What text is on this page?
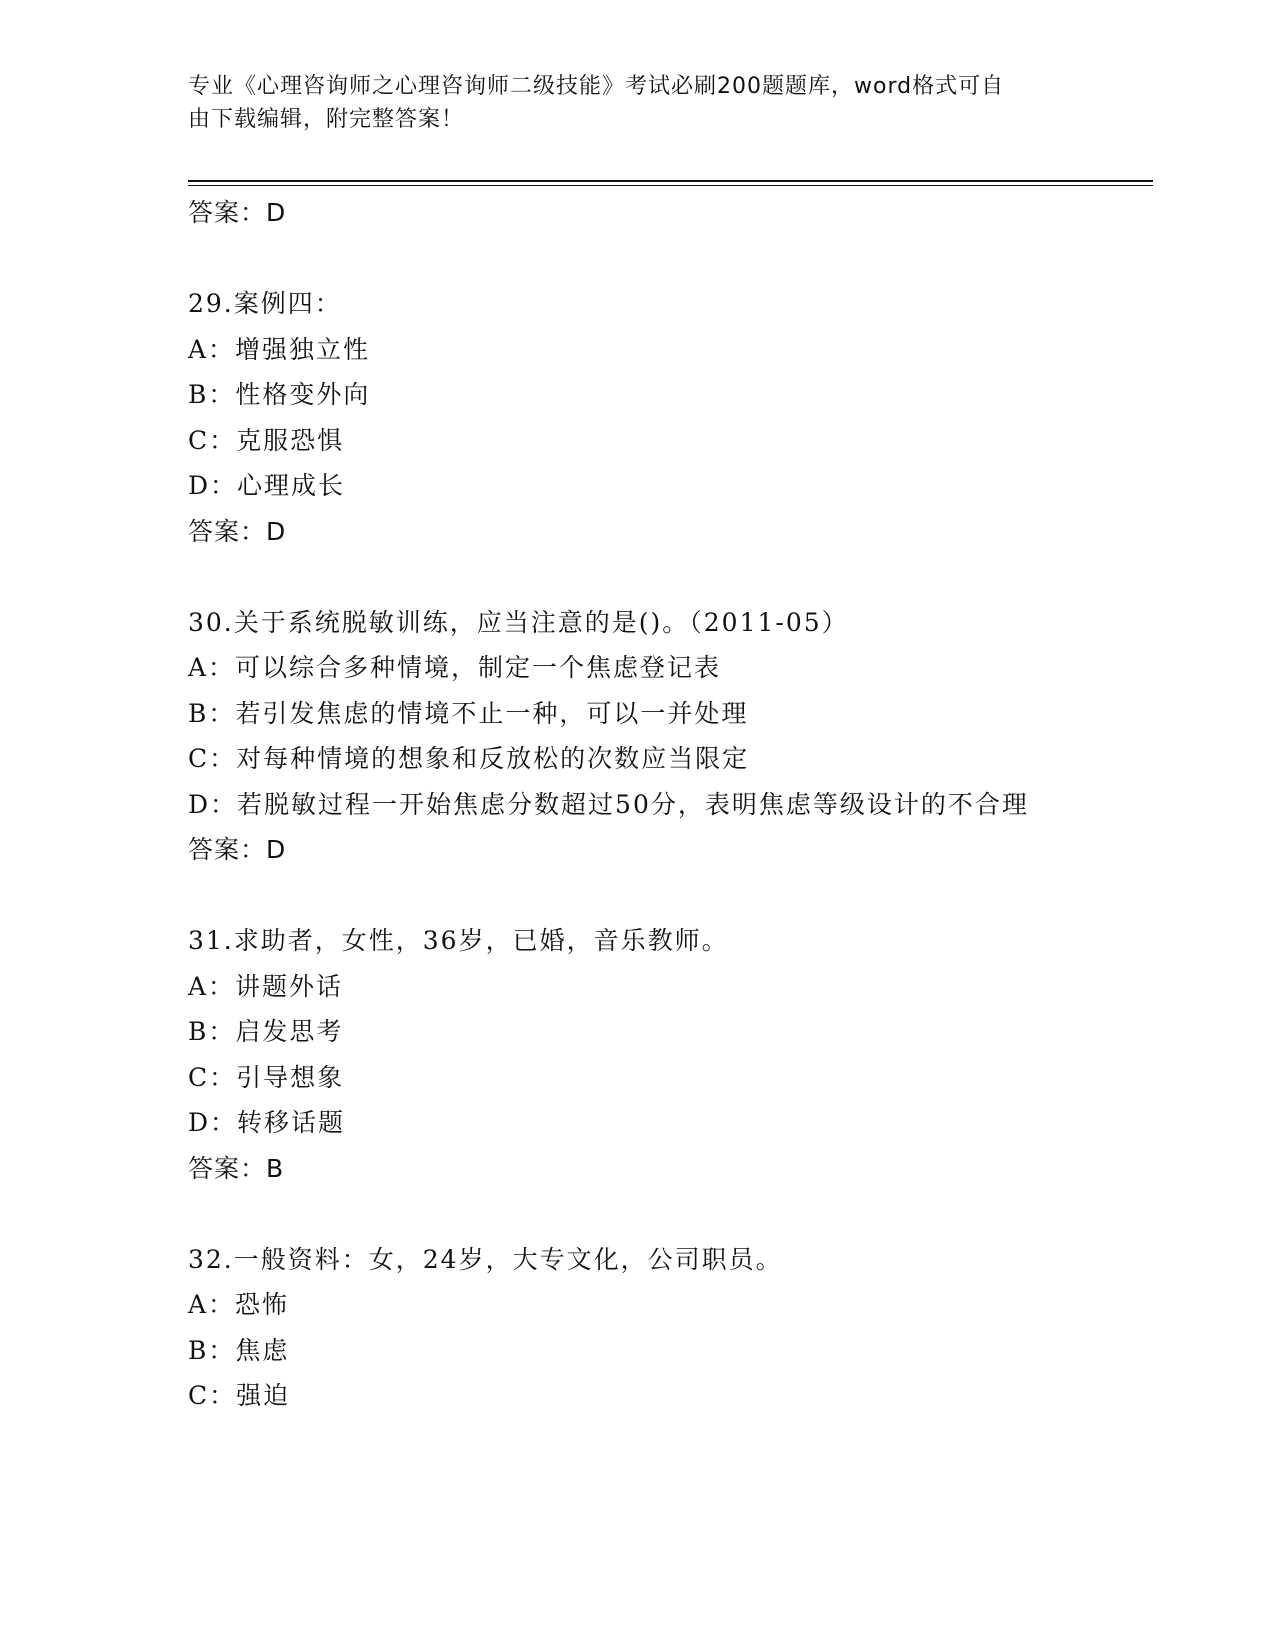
专业《心理咨询师之心理咨询师二级技能》考试必刷200题题库，word格式可自
由下载编辑，附完整答案！
答案：D
29.案例四：
A：增强独立性
B：性格变外向
C：克服恐惧
D：心理成长
答案：D
30.关于系统脱敏训练，应当注意的是()。（2011-05）
A：可以综合多种情境，制定一个焦虑登记表
B：若引发焦虑的情境不止一种，可以一并处理
C：对每种情境的想象和反放松的次数应当限定
D：若脱敏过程一开始焦虑分数超过50分，表明焦虑等级设计的不合理
答案：D
31.求助者，女性，36岁，已婚，音乐教师。
A：讲题外话
B：启发思考
C：引导想象
D：转移话题
答案：B
32.一般资料：女，24岁，大专文化，公司职员。
A：恐怖
B：焦虑
C：强迫
